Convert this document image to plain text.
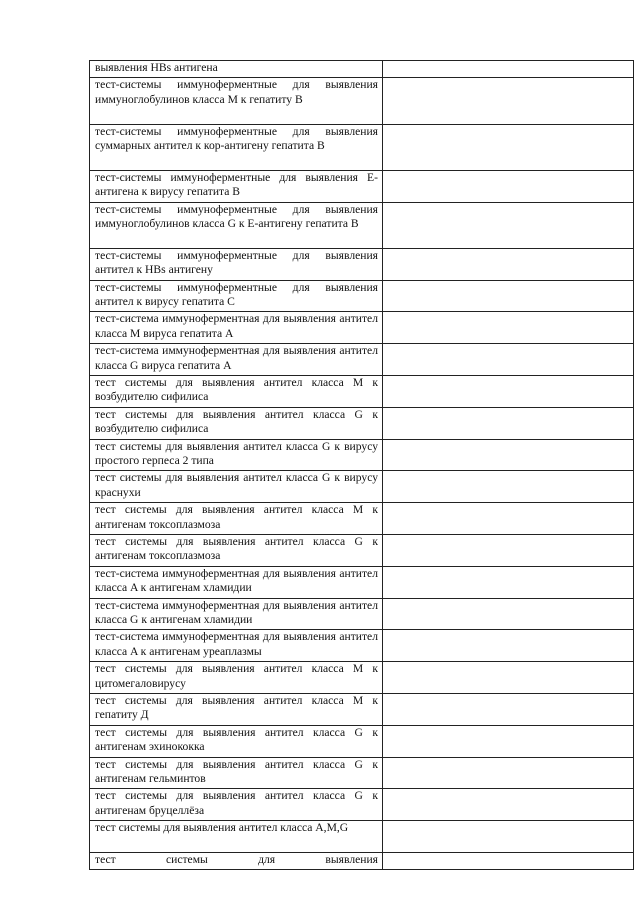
выявления HBs антигена	

тест-системы иммуноферментные для выявления иммуноглобулинов класса M к гепатиту B	

тест-системы иммуноферментные для выявления суммарных антител к кор-антигену гепатита B	

тест-системы иммуноферментные для выявления E-антигена к вирусу гепатита B	

тест-системы иммуноферментные для выявления иммуноглобулинов класса G к E-антигену гепатита B	

тест-системы иммуноферментные для выявления антител к HBs антигену	

тест-системы иммуноферментные для выявления антител к вирусу гепатита C	

тест-система иммуноферментная для выявления антител класса M вируса гепатита A	

тест-система иммуноферментная для выявления антител класса G вируса гепатита A	

тест системы для выявления антител класса M к возбудителю сифилиса	

тест системы для выявления антител класса G к возбудителю сифилиса	

тест системы для выявления антител класса G к вирусу простого герпеса 2 типа	

тест системы для выявления антител класса G к вирусу краснухи	

тест системы для выявления антител класса M к антигенам токсоплазмоза	

тест системы для выявления антител класса G к антигенам токсоплазмоза	

тест-система иммуноферментная для выявления антител класса A к антигенам хламидии	

тест-система иммуноферментная для выявления антител класса G к антигенам хламидии	

тест-система иммуноферментная для выявления антител класса A к антигенам уреаплазмы	

тест системы для выявления антител класса M к цитомегаловирусу	

тест системы для выявления антител класса M к гепатиту Д	

тест системы для выявления антител класса G к антигенам эхинококка	

тест системы для выявления антител класса G к антигенам гельминтов	

тест системы для выявления антител класса G к антигенам бруцеллёза	

тест системы для выявления антител класса A,M,G	

тест системы для выявления	
